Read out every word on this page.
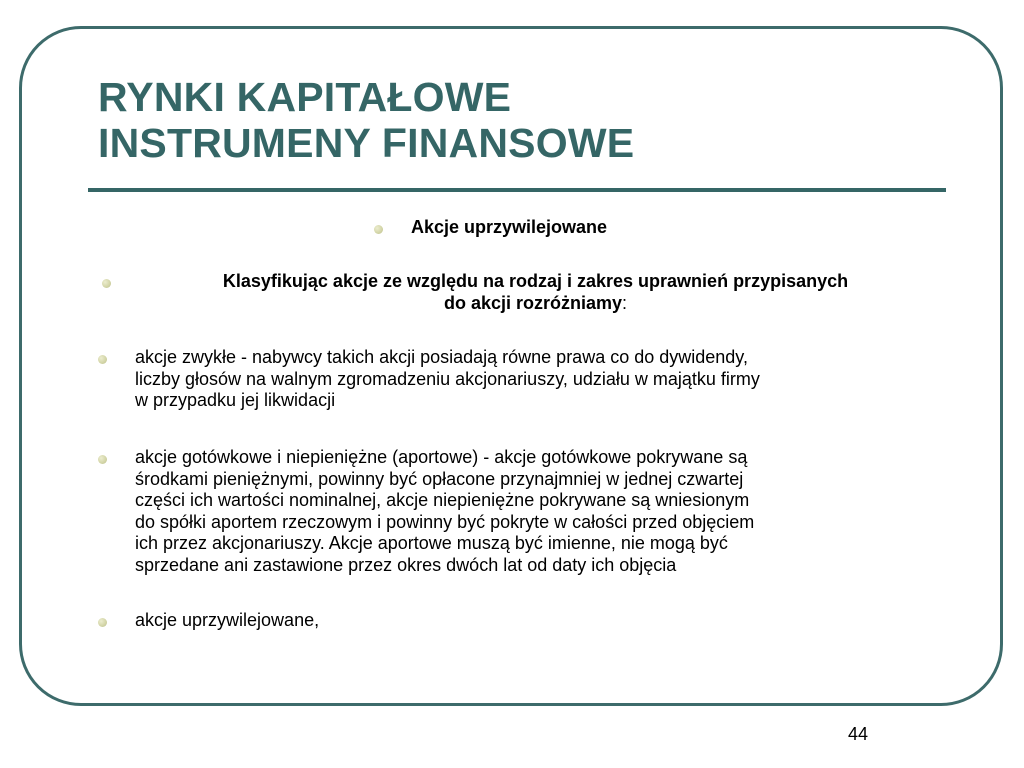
RYNKI KAPITAŁOWE
INSTRUMENY FINANSOWE
Akcje uprzywilejowane
Klasyfikując akcje ze względu na rodzaj i zakres uprawnień przypisanych
do akcji rozróżniamy:
akcje zwykłe - nabywcy takich akcji posiadają równe prawa co do dywidendy,
liczby głosów na walnym zgromadzeniu akcjonariuszy, udziału w majątku firmy
w przypadku jej likwidacji
akcje gotówkowe i niepieniężne (aportowe) - akcje gotówkowe pokrywane są
środkami pieniężnymi, powinny być opłacone przynajmniej w jednej czwartej
części ich wartości nominalnej, akcje niepieniężne pokrywane są wniesionym
do spółki aportem rzeczowym i powinny być pokryte w całości przed objęciem
ich przez akcjonariuszy. Akcje aportowe muszą być imienne, nie mogą być
sprzedane ani zastawione przez okres dwóch lat od daty ich objęcia
akcje uprzywilejowane,
44
